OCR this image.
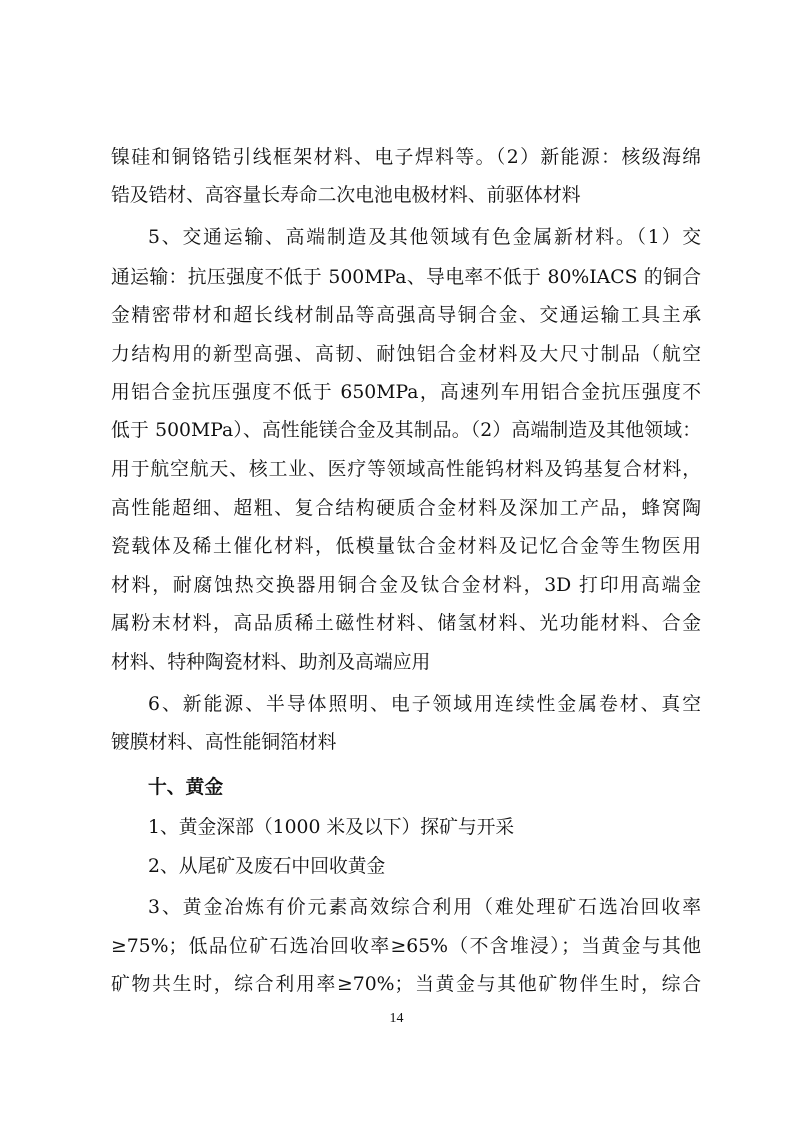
镍硅和铜铬锆引线框架材料、电子焊料等。（2）新能源：核级海绵
锆及锆材、高容量长寿命二次电池电极材料、前驱体材料
5、交通运输、高端制造及其他领域有色金属新材料。（1）交
通运输：抗压强度不低于 500MPa、导电率不低于 80%IACS 的铜合
金精密带材和超长线材制品等高强高导铜合金、交通运输工具主承
力结构用的新型高强、高韧、耐蚀铝合金材料及大尺寸制品（航空
用铝合金抗压强度不低于 650MPa，高速列车用铝合金抗压强度不
低于 500MPa）、高性能镁合金及其制品。（2）高端制造及其他领域：
用于航空航天、核工业、医疗等领域高性能钨材料及钨基复合材料，
高性能超细、超粗、复合结构硬质合金材料及深加工产品，蜂窝陶
瓷载体及稀土催化材料，低模量钛合金材料及记忆合金等生物医用
材料，耐腐蚀热交换器用铜合金及钛合金材料，3D 打印用高端金
属粉末材料，高品质稀土磁性材料、储氢材料、光功能材料、合金
材料、特种陶瓷材料、助剂及高端应用
6、新能源、半导体照明、电子领域用连续性金属卷材、真空
镀膜材料、高性能铜箔材料
十、黄金
1、黄金深部（1000 米及以下）探矿与开采
2、从尾矿及废石中回收黄金
3、黄金冶炼有价元素高效综合利用（难处理矿石选冶回收率
≥75%；低品位矿石选冶回收率≥65%（不含堆浸）；当黄金与其他
矿物共生时，综合利用率≥70%；当黄金与其他矿物伴生时，综合
14
